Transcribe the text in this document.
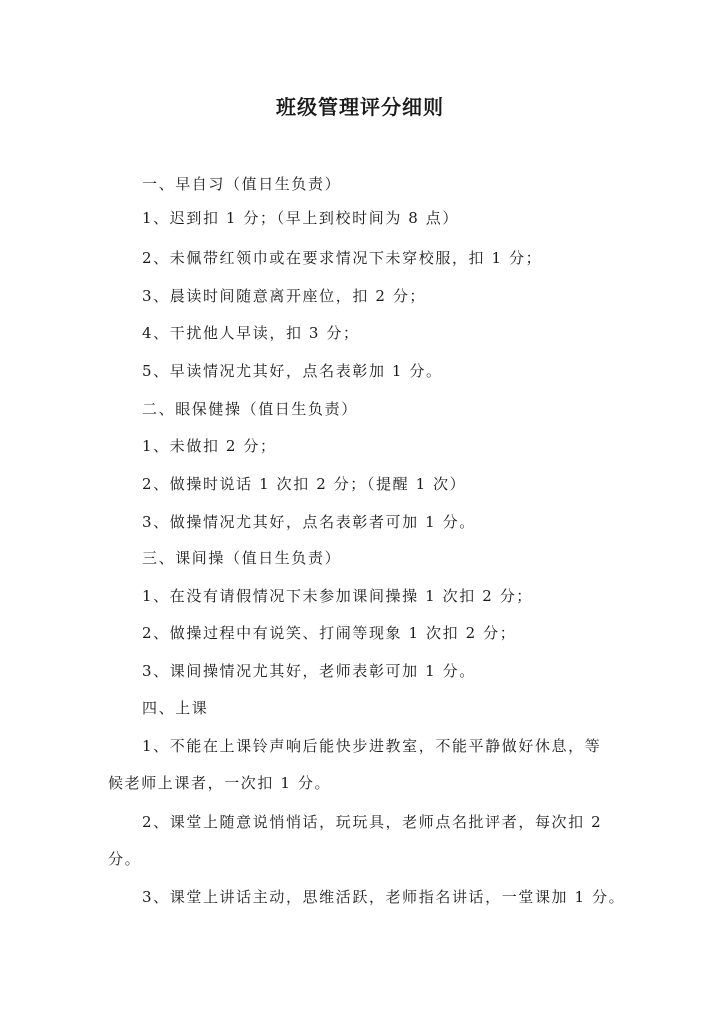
班级管理评分细则

一、早自习（值日生负责）

1、迟到扣 1 分；（早上到校时间为 8 点）

2、未佩带红领巾或在要求情况下未穿校服，扣 1 分；

3、晨读时间随意离开座位，扣 2 分；

4、干扰他人早读，扣 3 分；

5、早读情况尤其好，点名表彰加 1 分。

二、眼保健操（值日生负责）

1、未做扣 2 分；

2、做操时说话 1 次扣 2 分；（提醒 1 次）

3、做操情况尤其好，点名表彰者可加 1 分。

三、课间操（值日生负责）

1、在没有请假情况下未参加课间操操 1 次扣 2 分；

2、做操过程中有说笑、打闹等现象 1 次扣 2 分；

3、课间操情况尤其好，老师表彰可加 1 分。

四、上课

1、不能在上课铃声响后能快步进教室，不能平静做好休息，等

候老师上课者，一次扣 1 分。

2、课堂上随意说悄悄话，玩玩具，老师点名批评者，每次扣 2

分。

3、课堂上讲话主动，思维活跃，老师指名讲话，一堂课加 1 分。
